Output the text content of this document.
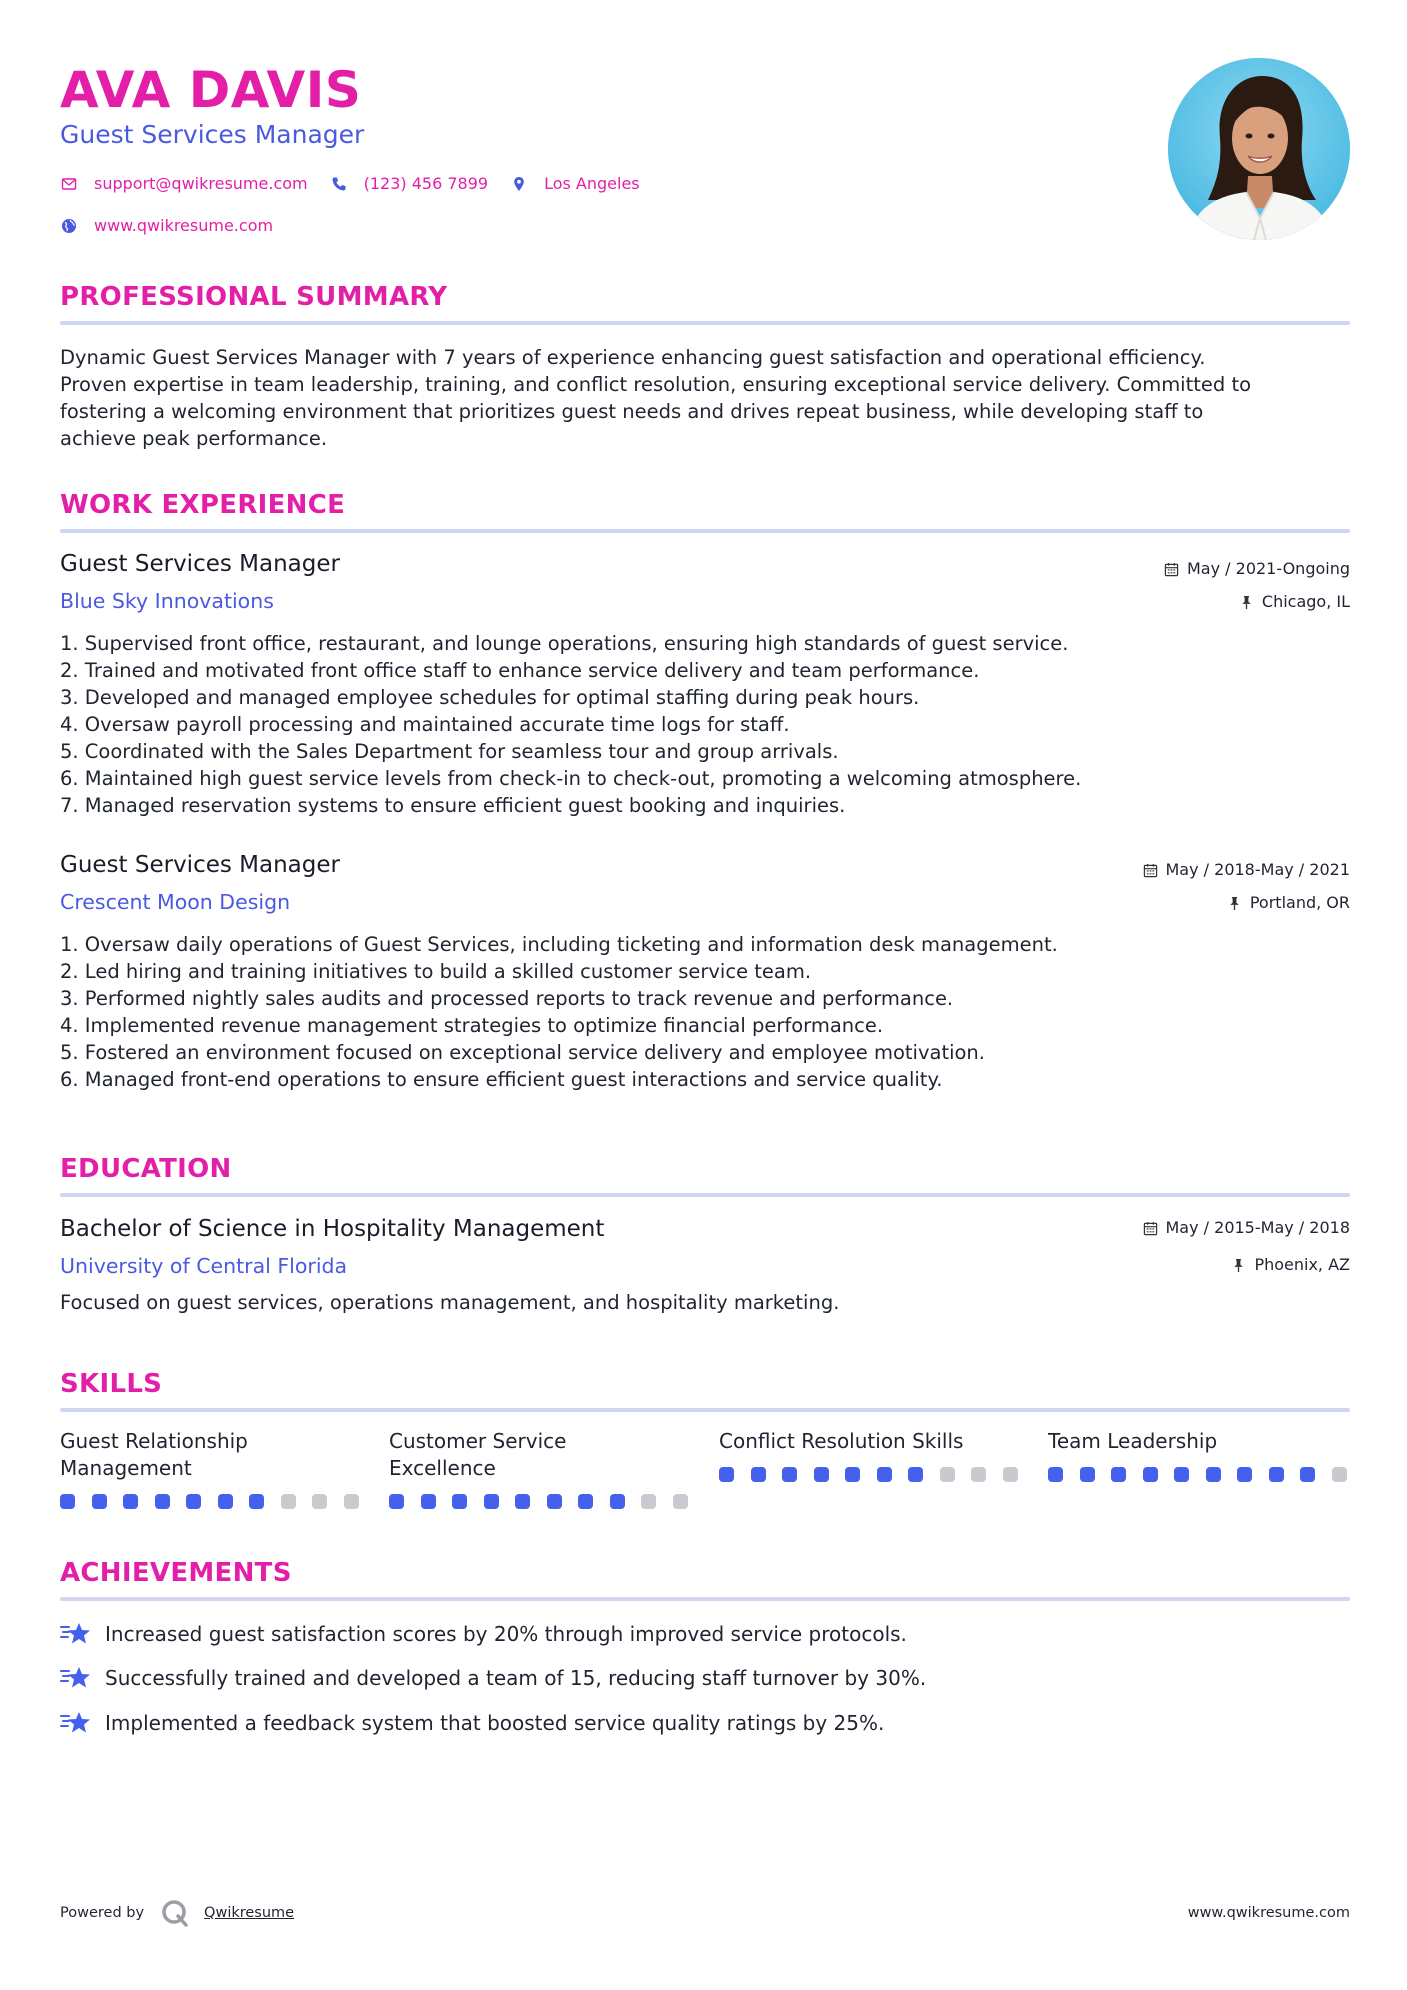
AVA DAVIS
Guest Services Manager
support@qwikresume.com	(123) 456 7899	Los Angeles
www.qwikresume.com
PROFESSIONAL SUMMARY
Dynamic Guest Services Manager with 7 years of experience enhancing guest satisfaction and operational efficiency.
Proven expertise in team leadership, training, and conflict resolution, ensuring exceptional service delivery. Committed to
fostering a welcoming environment that prioritizes guest needs and drives repeat business, while developing staff to
achieve peak performance.
WORK EXPERIENCE
Guest Services Manager
Blue Sky Innovations
May / 2021-Ongoing
Chicago, IL
1. Supervised front office, restaurant, and lounge operations, ensuring high standards of guest service.
2. Trained and motivated front office staff to enhance service delivery and team performance.
3. Developed and managed employee schedules for optimal staffing during peak hours.
4. Oversaw payroll processing and maintained accurate time logs for staff.
5. Coordinated with the Sales Department for seamless tour and group arrivals.
6. Maintained high guest service levels from check-in to check-out, promoting a welcoming atmosphere.
7. Managed reservation systems to ensure efficient guest booking and inquiries.
Guest Services Manager
Crescent Moon Design
May / 2018-May / 2021
Portland, OR
1. Oversaw daily operations of Guest Services, including ticketing and information desk management.
2. Led hiring and training initiatives to build a skilled customer service team.
3. Performed nightly sales audits and processed reports to track revenue and performance.
4. Implemented revenue management strategies to optimize financial performance.
5. Fostered an environment focused on exceptional service delivery and employee motivation.
6. Managed front-end operations to ensure efficient guest interactions and service quality.
EDUCATION
Bachelor of Science in Hospitality Management
University of Central Florida
May / 2015-May / 2018
Phoenix, AZ
Focused on guest services, operations management, and hospitality marketing.
SKILLS
Guest Relationship
Management
Customer Service
Excellence
Conflict Resolution Skills	Team Leadership
ACHIEVEMENTS
Increased guest satisfaction scores by 20% through improved service protocols.
Successfully trained and developed a team of 15, reducing staff turnover by 30%.
Implemented a feedback system that boosted service quality ratings by 25%.
Powered by	Qwikresume	www.qwikresume.com
